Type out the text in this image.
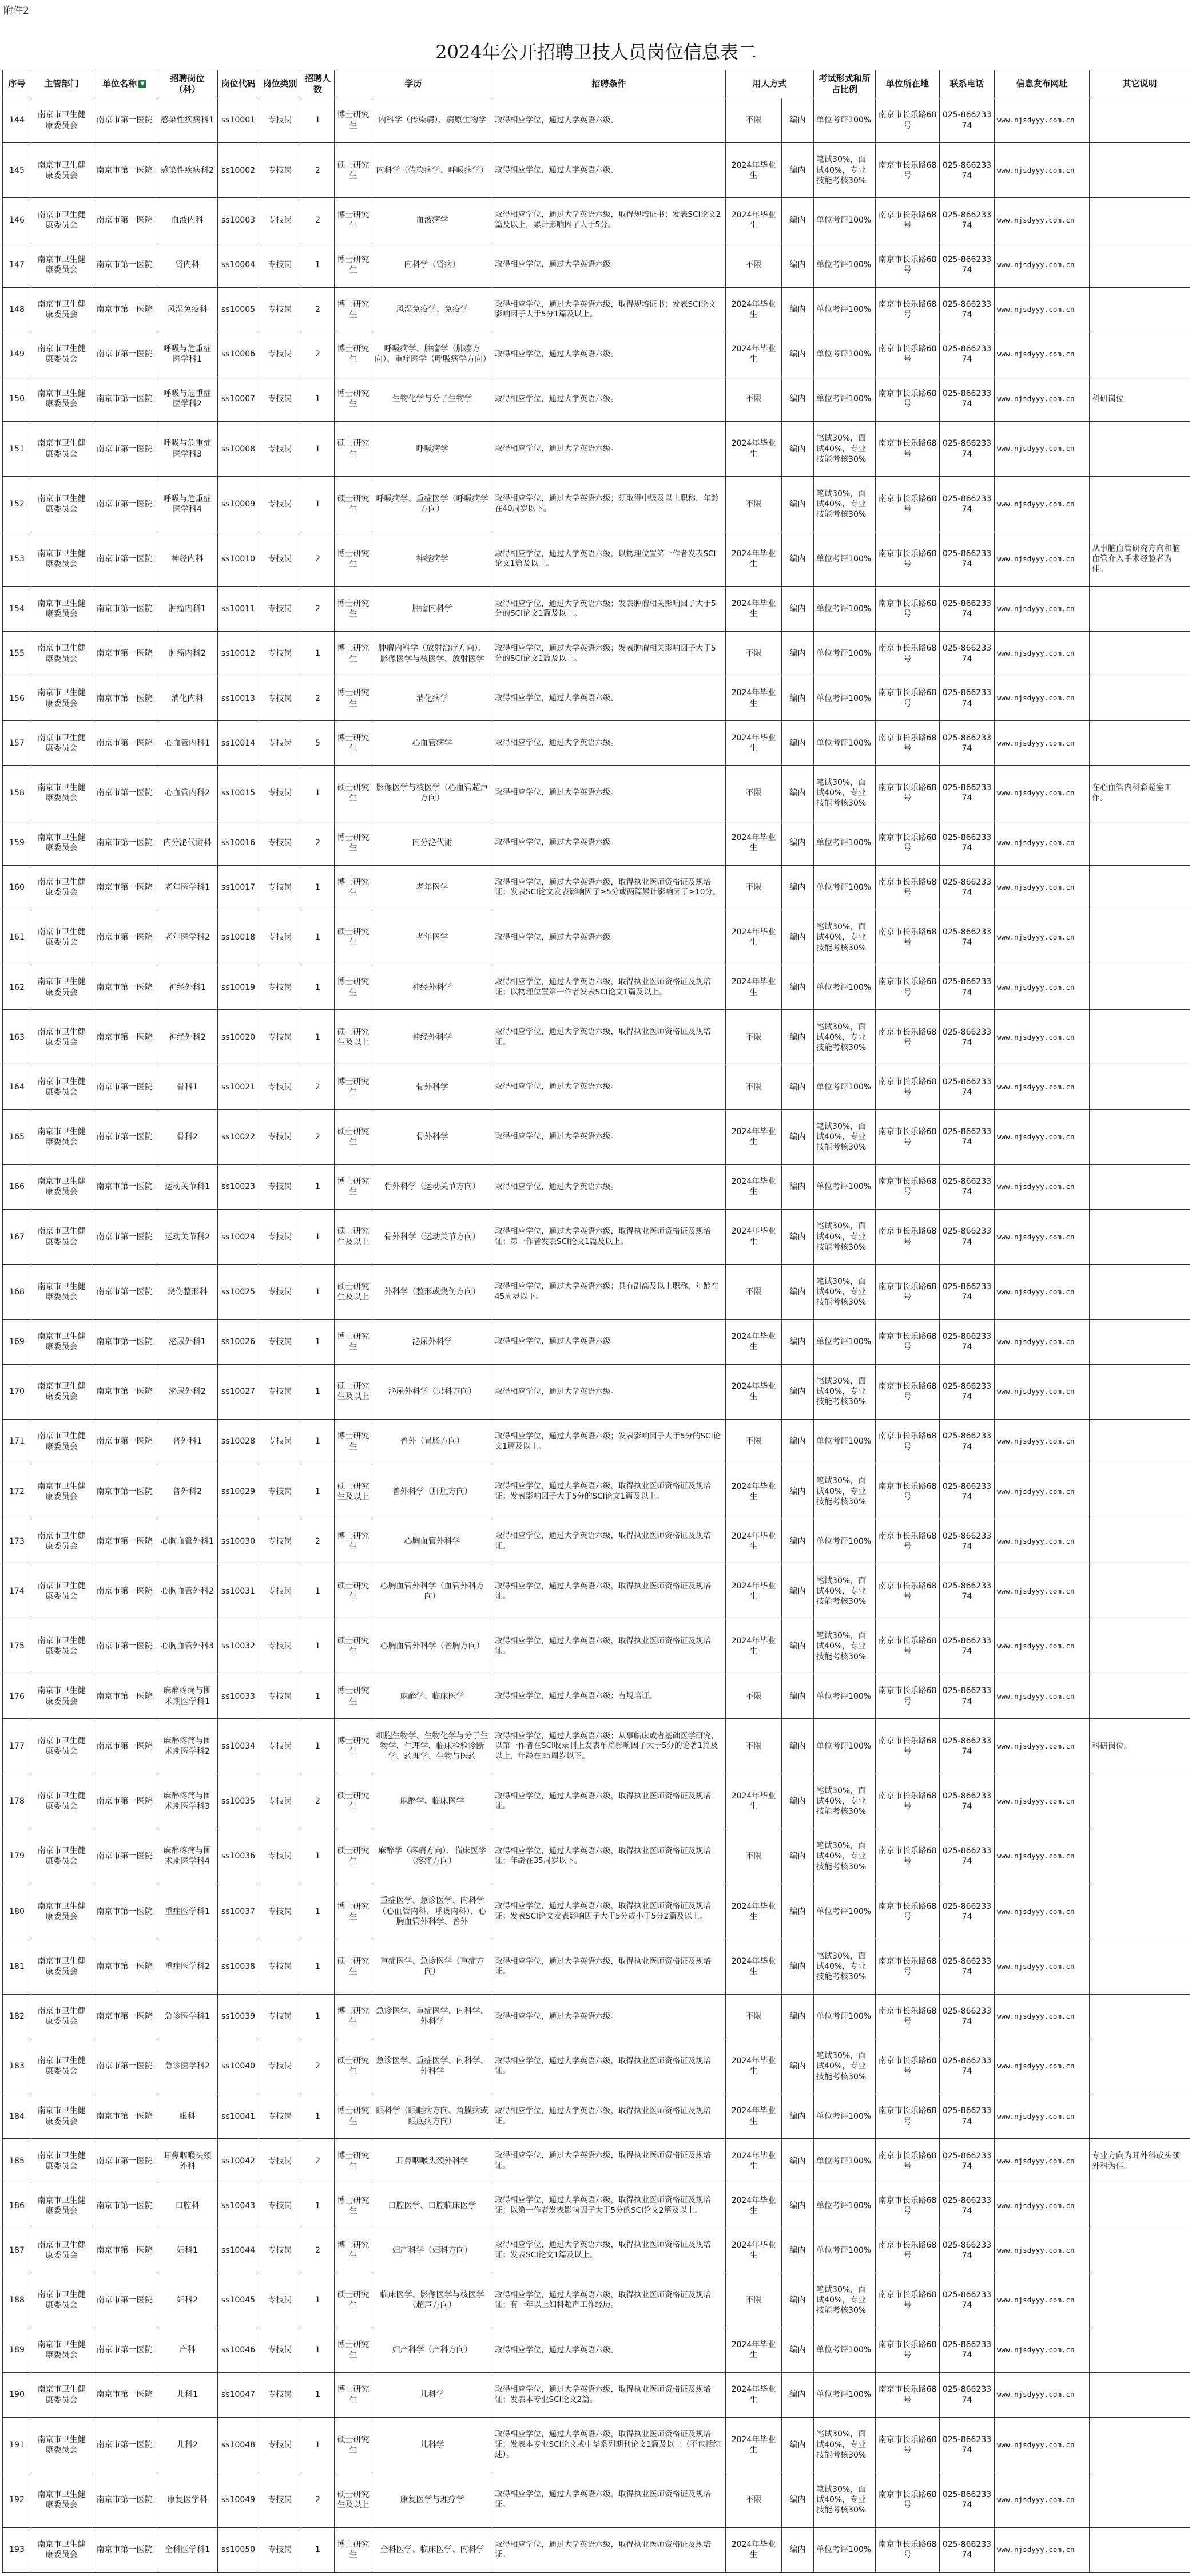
附件2
2024年公开招聘卫技人员岗位信息表二
序号	主管部门	单位名称 ▼	招聘岗位（科）	岗位代码	岗位类别	招聘人数	学历		招聘条件	用人方式		考试形式和所占比例	单位所在地	联系电话	信息发布网址	其它说明
144	南京市卫生健康委员会	南京市第一医院	感染性疾病科1	ss10001	专技岗	1	博士研究生	内科学（传染病）、病原生物学	取得相应学位，通过大学英语六级。	不限	编内	单位考评100%	南京市长乐路68号	025-86623374	www.njsdyyy.com.cn	
145	南京市卫生健康委员会	南京市第一医院	感染性疾病科2	ss10002	专技岗	2	硕士研究生	内科学（传染病学、呼吸病学）	取得相应学位，通过大学英语六级。	2024年毕业生	编内	笔试30%，面试40%，专业技能考核30%	南京市长乐路68号	025-86623374	www.njsdyyy.com.cn	
146	南京市卫生健康委员会	南京市第一医院	血液内科	ss10003	专技岗	2	博士研究生	血液病学	取得相应学位，通过大学英语六级，取得规培证书；发表SCI论文2篇及以上，累计影响因子大于5分。	2024年毕业生	编内	单位考评100%	南京市长乐路68号	025-86623374	www.njsdyyy.com.cn	
147	南京市卫生健康委员会	南京市第一医院	肾内科	ss10004	专技岗	1	博士研究生	内科学（肾病）	取得相应学位，通过大学英语六级。	不限	编内	单位考评100%	南京市长乐路68号	025-86623374	www.njsdyyy.com.cn	
148	南京市卫生健康委员会	南京市第一医院	风湿免疫科	ss10005	专技岗	2	博士研究生	风湿免疫学、免疫学	取得相应学位，通过大学英语六级，取得规培证书；发表SCI论文影响因子大于5分1篇及以上。	2024年毕业生	编内	单位考评100%	南京市长乐路68号	025-86623374	www.njsdyyy.com.cn	
149	南京市卫生健康委员会	南京市第一医院	呼吸与危重症医学科1	ss10006	专技岗	2	博士研究生	呼吸病学、肿瘤学（肺癌方向）、重症医学（呼吸病学方向）	取得相应学位，通过大学英语六级。	2024年毕业生	编内	单位考评100%	南京市长乐路68号	025-86623374	www.njsdyyy.com.cn	
150	南京市卫生健康委员会	南京市第一医院	呼吸与危重症医学科2	ss10007	专技岗	1	博士研究生	生物化学与分子生物学	取得相应学位，通过大学英语六级。	不限	编内	单位考评100%	南京市长乐路68号	025-86623374	www.njsdyyy.com.cn	科研岗位
151	南京市卫生健康委员会	南京市第一医院	呼吸与危重症医学科3	ss10008	专技岗	1	硕士研究生	呼吸病学	取得相应学位，通过大学英语六级。	2024年毕业生	编内	笔试30%，面试40%，专业技能考核30%	南京市长乐路68号	025-86623374	www.njsdyyy.com.cn	
152	南京市卫生健康委员会	南京市第一医院	呼吸与危重症医学科4	ss10009	专技岗	1	硕士研究生	呼吸病学、重症医学（呼吸病学方向）	取得相应学位，通过大学英语六级；须取得中级及以上职称，年龄在40周岁以下。	不限	编内	笔试30%，面试40%，专业技能考核30%	南京市长乐路68号	025-86623374	www.njsdyyy.com.cn	
153	南京市卫生健康委员会	南京市第一医院	神经内科	ss10010	专技岗	2	博士研究生	神经病学	取得相应学位，通过大学英语六级，以物理位置第一作者发表SCI论文1篇及以上。	2024年毕业生	编内	单位考评100%	南京市长乐路68号	025-86623374	www.njsdyyy.com.cn	从事脑血管研究方向和脑血管介入手术经验者为佳。
154	南京市卫生健康委员会	南京市第一医院	肿瘤内科1	ss10011	专技岗	2	博士研究生	肿瘤内科学	取得相应学位，通过大学英语六级；发表肿瘤相关影响因子大于5分的SCI论文1篇及以上。	2024年毕业生	编内	单位考评100%	南京市长乐路68号	025-86623374	www.njsdyyy.com.cn	
155	南京市卫生健康委员会	南京市第一医院	肿瘤内科2	ss10012	专技岗	1	博士研究生	肿瘤内科学（放射治疗方向）、影像医学与核医学、放射医学	取得相应学位，通过大学英语六级；发表肿瘤相关影响因子大于5分的SCI论文1篇及以上。	不限	编内	单位考评100%	南京市长乐路68号	025-86623374	www.njsdyyy.com.cn	
156	南京市卫生健康委员会	南京市第一医院	消化内科	ss10013	专技岗	2	博士研究生	消化病学	取得相应学位，通过大学英语六级。	2024年毕业生	编内	单位考评100%	南京市长乐路68号	025-86623374	www.njsdyyy.com.cn	
157	南京市卫生健康委员会	南京市第一医院	心血管内科1	ss10014	专技岗	5	博士研究生	心血管病学	取得相应学位，通过大学英语六级。	2024年毕业生	编内	单位考评100%	南京市长乐路68号	025-86623374	www.njsdyyy.com.cn	
158	南京市卫生健康委员会	南京市第一医院	心血管内科2	ss10015	专技岗	1	硕士研究生	影像医学与核医学（心血管超声方向）	取得相应学位，通过大学英语六级。	不限	编内	笔试30%，面试40%，专业技能考核30%	南京市长乐路68号	025-86623374	www.njsdyyy.com.cn	在心血管内科彩超室工作。
159	南京市卫生健康委员会	南京市第一医院	内分泌代谢科	ss10016	专技岗	2	博士研究生	内分泌代谢	取得相应学位，通过大学英语六级。	2024年毕业生	编内	单位考评100%	南京市长乐路68号	025-86623374	www.njsdyyy.com.cn	
160	南京市卫生健康委员会	南京市第一医院	老年医学科1	ss10017	专技岗	1	博士研究生	老年医学	取得相应学位，通过大学英语六级，取得执业医师资格证及规培证；发表SCI论文发表影响因子≥5分或两篇累计影响因子≥10分。	不限	编内	单位考评100%	南京市长乐路68号	025-86623374	www.njsdyyy.com.cn	
161	南京市卫生健康委员会	南京市第一医院	老年医学科2	ss10018	专技岗	1	硕士研究生	老年医学	取得相应学位，通过大学英语六级。	2024年毕业生	编内	笔试30%，面试40%，专业技能考核30%	南京市长乐路68号	025-86623374	www.njsdyyy.com.cn	
162	南京市卫生健康委员会	南京市第一医院	神经外科1	ss10019	专技岗	1	博士研究生	神经外科学	取得相应学位，通过大学英语六级，取得执业医师资格证及规培证；以物理位置第一作者发表SCI论文1篇及以上。	2024年毕业生	编内	单位考评100%	南京市长乐路68号	025-86623374	www.njsdyyy.com.cn	
163	南京市卫生健康委员会	南京市第一医院	神经外科2	ss10020	专技岗	1	硕士研究生及以上	神经外科学	取得相应学位，通过大学英语六级，取得执业医师资格证及规培证。	不限	编内	笔试30%，面试40%，专业技能考核30%	南京市长乐路68号	025-86623374	www.njsdyyy.com.cn	
164	南京市卫生健康委员会	南京市第一医院	骨科1	ss10021	专技岗	2	博士研究生	骨外科学	取得相应学位，通过大学英语六级。	不限	编内	单位考评100%	南京市长乐路68号	025-86623374	www.njsdyyy.com.cn	
165	南京市卫生健康委员会	南京市第一医院	骨科2	ss10022	专技岗	2	硕士研究生	骨外科学	取得相应学位，通过大学英语六级。	2024年毕业生	编内	笔试30%，面试40%，专业技能考核30%	南京市长乐路68号	025-86623374	www.njsdyyy.com.cn	
166	南京市卫生健康委员会	南京市第一医院	运动关节科1	ss10023	专技岗	1	博士研究生	骨外科学（运动关节方向）	取得相应学位，通过大学英语六级。	2024年毕业生	编内	单位考评100%	南京市长乐路68号	025-86623374	www.njsdyyy.com.cn	
167	南京市卫生健康委员会	南京市第一医院	运动关节科2	ss10024	专技岗	1	硕士研究生及以上	骨外科学（运动关节方向）	取得相应学位，通过大学英语六级，取得执业医师资格证及规培证；第一作者发表SCI论文1篇及以上。	2024年毕业生	编内	笔试30%，面试40%，专业技能考核30%	南京市长乐路68号	025-86623374	www.njsdyyy.com.cn	
168	南京市卫生健康委员会	南京市第一医院	烧伤整形科	ss10025	专技岗	1	硕士研究生及以上	外科学（整形或烧伤方向）	取得相应学位，通过大学英语六级；具有副高及以上职称，年龄在45周岁以下。	不限	编内	笔试30%，面试40%，专业技能考核30%	南京市长乐路68号	025-86623374	www.njsdyyy.com.cn	
169	南京市卫生健康委员会	南京市第一医院	泌尿外科1	ss10026	专技岗	1	博士研究生	泌尿外科学	取得相应学位，通过大学英语六级。	2024年毕业生	编内	单位考评100%	南京市长乐路68号	025-86623374	www.njsdyyy.com.cn	
170	南京市卫生健康委员会	南京市第一医院	泌尿外科2	ss10027	专技岗	1	硕士研究生及以上	泌尿外科学（男科方向）	取得相应学位，通过大学英语六级。	2024年毕业生	编内	笔试30%，面试40%，专业技能考核30%	南京市长乐路68号	025-86623374	www.njsdyyy.com.cn	
171	南京市卫生健康委员会	南京市第一医院	普外科1	ss10028	专技岗	1	博士研究生	普外（胃肠方向）	取得相应学位，通过大学英语六级；发表影响因子大于5分的SCI论文1篇及以上。	不限	编内	单位考评100%	南京市长乐路68号	025-86623374	www.njsdyyy.com.cn	
172	南京市卫生健康委员会	南京市第一医院	普外科2	ss10029	专技岗	1	硕士研究生及以上	普外科学（肝胆方向）	取得相应学位，通过大学英语六级，取得执业医师资格证及规培证；发表影响因子大于5分的SCI论文1篇及以上。	2024年毕业生	编内	笔试30%，面试40%，专业技能考核30%	南京市长乐路68号	025-86623374	www.njsdyyy.com.cn	
173	南京市卫生健康委员会	南京市第一医院	心胸血管外科1	ss10030	专技岗	2	博士研究生	心胸血管外科学	取得相应学位，通过大学英语六级，取得执业医师资格证及规培证。	2024年毕业生	编内	单位考评100%	南京市长乐路68号	025-86623374	www.njsdyyy.com.cn	
174	南京市卫生健康委员会	南京市第一医院	心胸血管外科2	ss10031	专技岗	1	硕士研究生	心胸血管外科学（血管外科方向）	取得相应学位，通过大学英语六级，取得执业医师资格证及规培证。	2024年毕业生	编内	笔试30%，面试40%，专业技能考核30%	南京市长乐路68号	025-86623374	www.njsdyyy.com.cn	
175	南京市卫生健康委员会	南京市第一医院	心胸血管外科3	ss10032	专技岗	1	硕士研究生	心胸血管外科学（普胸方向）	取得相应学位，通过大学英语六级，取得执业医师资格证及规培证。	2024年毕业生	编内	笔试30%，面试40%，专业技能考核30%	南京市长乐路68号	025-86623374	www.njsdyyy.com.cn	
176	南京市卫生健康委员会	南京市第一医院	麻醉疼痛与围术期医学科1	ss10033	专技岗	1	博士研究生	麻醉学、临床医学	取得相应学位，通过大学英语六级；有规培证。	不限	编内	单位考评100%	南京市长乐路68号	025-86623374	www.njsdyyy.com.cn	
177	南京市卫生健康委员会	南京市第一医院	麻醉疼痛与围术期医学科2	ss10034	专技岗	1	博士研究生	细胞生物学、生物化学与分子生物学、生理学、临床检验诊断学、药理学、生物与医药	取得相应学位，通过大学英语六级；从事临床或者基础医学研究，以第一作者在SCI收录刊上发表单篇影响因子大于5分的论著1篇及以上，年龄在35周岁以下。	不限	编内	单位考评100%	南京市长乐路68号	025-86623374	www.njsdyyy.com.cn	科研岗位。
178	南京市卫生健康委员会	南京市第一医院	麻醉疼痛与围术期医学科3	ss10035	专技岗	2	硕士研究生	麻醉学、临床医学	取得相应学位，通过大学英语六级，取得执业医师资格证及规培证。	2024年毕业生	编内	笔试30%，面试40%，专业技能考核30%	南京市长乐路68号	025-86623374	www.njsdyyy.com.cn	
179	南京市卫生健康委员会	南京市第一医院	麻醉疼痛与围术期医学科4	ss10036	专技岗	1	硕士研究生	麻醉学（疼痛方向）、临床医学（疼痛方向）	取得相应学位，通过大学英语六级，取得执业医师资格证及规培证；年龄在35周岁以下。	不限	编内	笔试30%，面试40%，专业技能考核30%	南京市长乐路68号	025-86623374	www.njsdyyy.com.cn	
180	南京市卫生健康委员会	南京市第一医院	重症医学科1	ss10037	专技岗	1	博士研究生	重症医学、急诊医学、内科学（心血管内科、呼吸内科）、心胸血管外科学、普外	取得相应学位，通过大学英语六级，取得执业医师资格证及规培证；发表SCI论文发表影响因子大于5分或小于5分2篇及以上。	2024年毕业生	编内	单位考评100%	南京市长乐路68号	025-86623374	www.njsdyyy.com.cn	
181	南京市卫生健康委员会	南京市第一医院	重症医学科2	ss10038	专技岗	1	硕士研究生	重症医学、急诊医学（重症方向）	取得相应学位，通过大学英语六级，取得执业医师资格证及规培证。	2024年毕业生	编内	笔试30%，面试40%，专业技能考核30%	南京市长乐路68号	025-86623374	www.njsdyyy.com.cn	
182	南京市卫生健康委员会	南京市第一医院	急诊医学科1	ss10039	专技岗	1	博士研究生	急诊医学、重症医学、内科学、外科学	取得相应学位，通过大学英语六级。	不限	编内	单位考评100%	南京市长乐路68号	025-86623374	www.njsdyyy.com.cn	
183	南京市卫生健康委员会	南京市第一医院	急诊医学科2	ss10040	专技岗	2	硕士研究生	急诊医学、重症医学、内科学、外科学	取得相应学位，通过大学英语六级，取得执业医师资格证及规培证。	2024年毕业生	编内	笔试30%，面试40%，专业技能考核30%	南京市长乐路68号	025-86623374	www.njsdyyy.com.cn	
184	南京市卫生健康委员会	南京市第一医院	眼科	ss10041	专技岗	1	博士研究生	眼科学（眼眶病方向、角膜病或眼底病方向）	取得相应学位，通过大学英语六级，取得执业医师资格证及规培证。	2024年毕业生	编内	单位考评100%	南京市长乐路68号	025-86623374	www.njsdyyy.com.cn	
185	南京市卫生健康委员会	南京市第一医院	耳鼻咽喉头颈外科	ss10042	专技岗	2	博士研究生	耳鼻咽喉头颈外科学	取得相应学位，通过大学英语六级，取得执业医师资格证及规培证。	2024年毕业生	编内	单位考评100%	南京市长乐路68号	025-86623374	www.njsdyyy.com.cn	专业方向为耳外科或头颈外科为佳。
186	南京市卫生健康委员会	南京市第一医院	口腔科	ss10043	专技岗	1	博士研究生	口腔医学、口腔临床医学	取得相应学位，通过大学英语六级，取得执业医师资格证及规培证；以第一作者发表影响因子大于5分的SCI论文2篇及以上。	2024年毕业生	编内	单位考评100%	南京市长乐路68号	025-86623374	www.njsdyyy.com.cn	
187	南京市卫生健康委员会	南京市第一医院	妇科1	ss10044	专技岗	2	博士研究生	妇产科学（妇科方向）	取得相应学位，通过大学英语六级，取得执业医师资格证及规培证；发表SCI论文1篇及以上。	2024年毕业生	编内	单位考评100%	南京市长乐路68号	025-86623374	www.njsdyyy.com.cn	
188	南京市卫生健康委员会	南京市第一医院	妇科2	ss10045	专技岗	1	硕士研究生	临床医学、影像医学与核医学（超声方向）	取得相应学位，通过大学英语六级，取得执业医师资格证及规培证；有一年以上妇科超声工作经历。	不限	编内	笔试30%，面试40%，专业技能考核30%	南京市长乐路68号	025-86623374	www.njsdyyy.com.cn	
189	南京市卫生健康委员会	南京市第一医院	产科	ss10046	专技岗	1	博士研究生	妇产科学（产科方向）	取得相应学位，通过大学英语六级。	2024年毕业生	编内	单位考评100%	南京市长乐路68号	025-86623374	www.njsdyyy.com.cn	
190	南京市卫生健康委员会	南京市第一医院	儿科1	ss10047	专技岗	1	博士研究生	儿科学	取得相应学位，通过大学英语六级，取得执业医师资格证及规培证；发表本专业SCI论文2篇。	2024年毕业生	编内	单位考评100%	南京市长乐路68号	025-86623374	www.njsdyyy.com.cn	
191	南京市卫生健康委员会	南京市第一医院	儿科2	ss10048	专技岗	1	硕士研究生	儿科学	取得相应学位，通过大学英语六级，取得执业医师资格证及规培证；发表本专业SCI论文或中华系列期刊论文1篇及以上（不包括综述）。	2024年毕业生	编内	笔试30%，面试40%，专业技能考核30%	南京市长乐路68号	025-86623374	www.njsdyyy.com.cn	
192	南京市卫生健康委员会	南京市第一医院	康复医学科	ss10049	专技岗	2	硕士研究生及以上	康复医学与理疗学	取得相应学位，通过大学英语六级，取得执业医师资格证及规培证。	不限	编内	笔试30%，面试40%，专业技能考核30%	南京市长乐路68号	025-86623374	www.njsdyyy.com.cn	
193	南京市卫生健康委员会	南京市第一医院	全科医学科1	ss10050	专技岗	1	博士研究生	全科医学、临床医学、内科学	取得相应学位，通过大学英语六级，取得执业医师资格证及规培证。	2024年毕业生	编内	单位考评100%	南京市长乐路68号	025-86623374	www.njsdyyy.com.cn	
